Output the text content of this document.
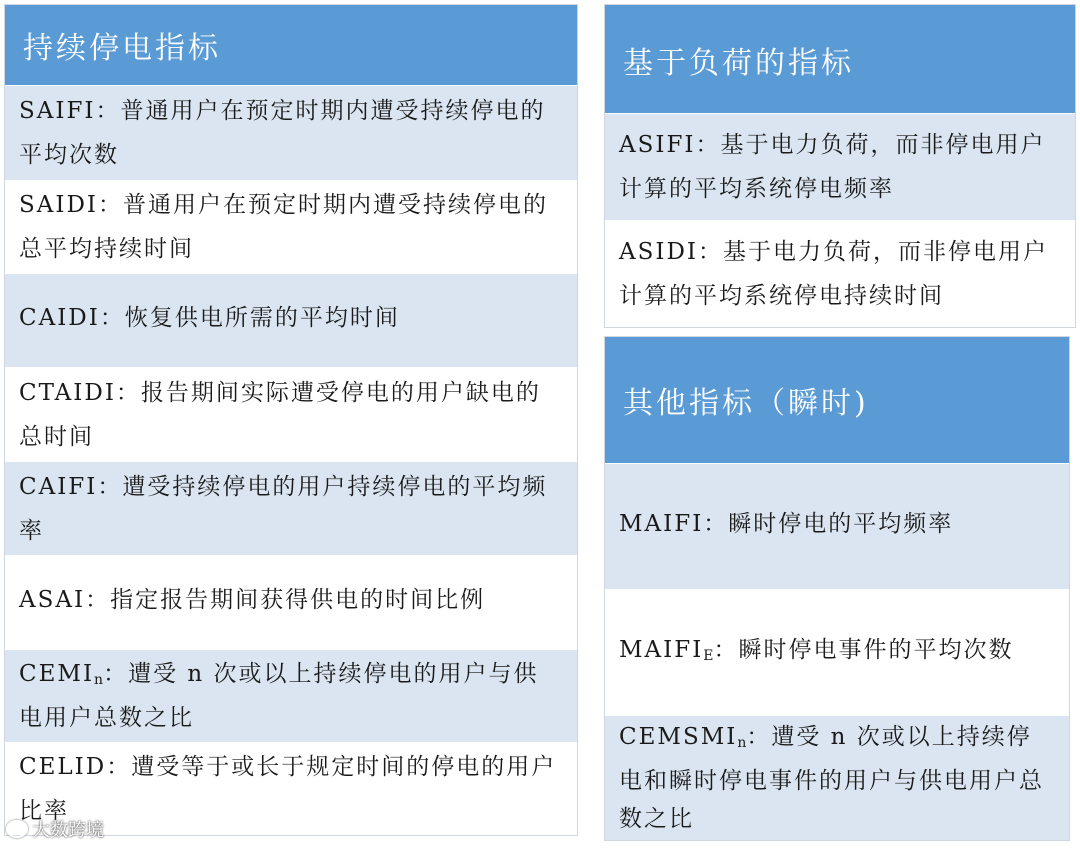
持续停电指标
SAIFI：普通用户在预定时期内遭受持续停电的平均次数
SAIDI：普通用户在预定时期内遭受持续停电的总平均持续时间
CAIDI：恢复供电所需的平均时间
CTAIDI：报告期间实际遭受停电的用户缺电的总时间
CAIFI：遭受持续停电的用户持续停电的平均频率
ASAI：指定报告期间获得供电的时间比例
$CEMI_n$：遭受 n 次或以上持续停电的用户与供电用户总数之比
CELID：遭受等于或长于规定时间的停电的用户比率
基于负荷的指标
ASIFI：基于电力负荷，而非停电用户计算的平均系统停电频率
ASIDI：基于电力负荷，而非停电用户计算的平均系统停电持续时间
其他指标（瞬时)
MAIFI：瞬时停电的平均频率
$MAIFI_E$：瞬时停电事件的平均次数
$CEMSMI_n$：遭受 n 次或以上持续停电和瞬时停电事件的用户与供电用户总数之比
大数跨境
